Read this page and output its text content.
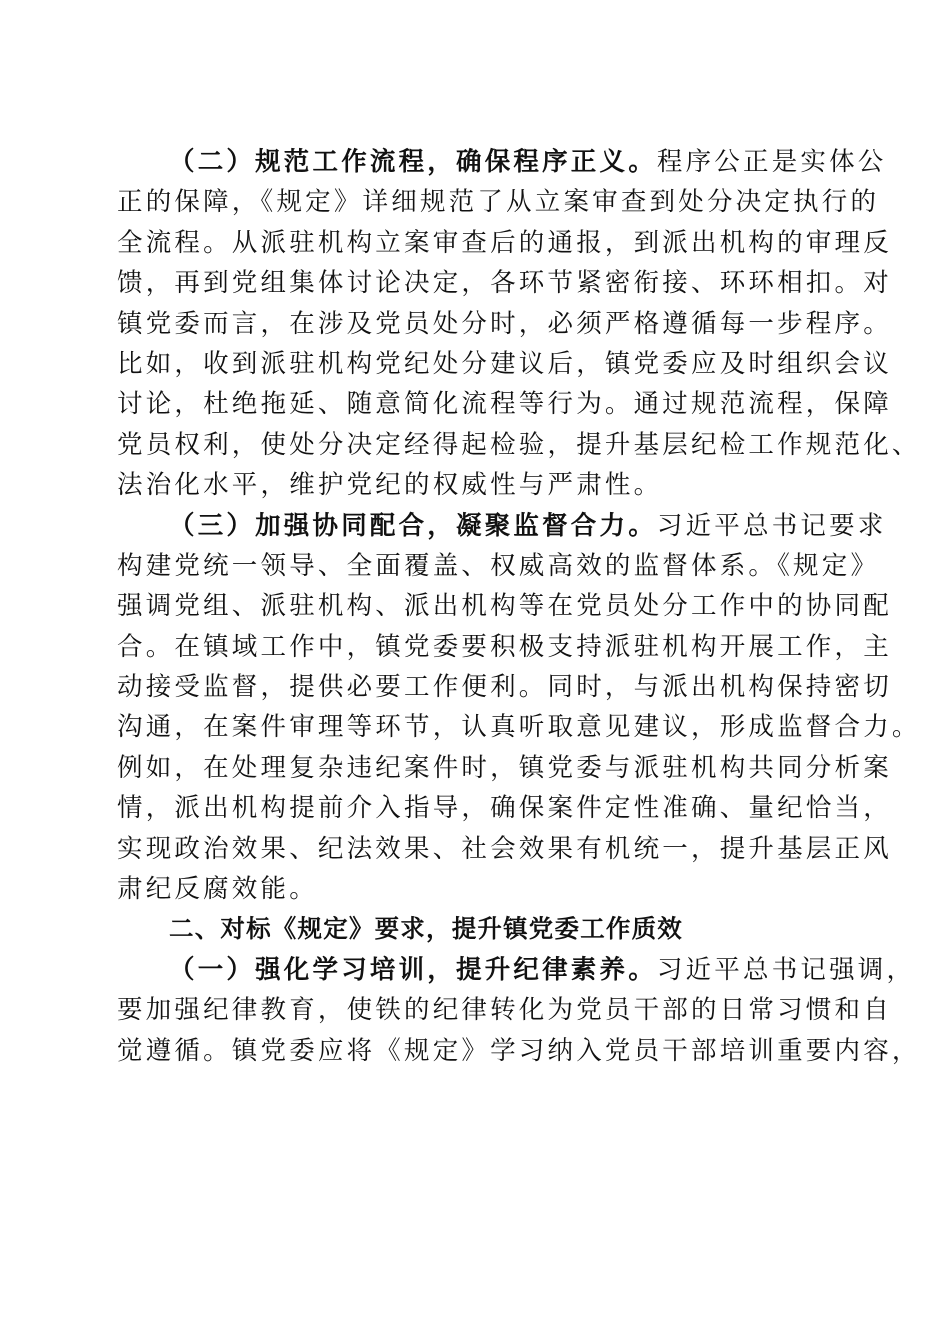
（二）规范工作流程，确保程序正义。程序公正是实体公
正的保障，《规定》详细规范了从立案审查到处分决定执行的
全流程。从派驻机构立案审查后的通报，到派出机构的审理反
馈，再到党组集体讨论决定，各环节紧密衔接、环环相扣。对
镇党委而言，在涉及党员处分时，必须严格遵循每一步程序。
比如，收到派驻机构党纪处分建议后，镇党委应及时组织会议
讨论，杜绝拖延、随意简化流程等行为。通过规范流程，保障
党员权利，使处分决定经得起检验，提升基层纪检工作规范化、
法治化水平，维护党纪的权威性与严肃性。
（三）加强协同配合，凝聚监督合力。习近平总书记要求
构建党统一领导、全面覆盖、权威高效的监督体系。《规定》
强调党组、派驻机构、派出机构等在党员处分工作中的协同配
合。在镇域工作中，镇党委要积极支持派驻机构开展工作，主
动接受监督，提供必要工作便利。同时，与派出机构保持密切
沟通，在案件审理等环节，认真听取意见建议，形成监督合力。
例如，在处理复杂违纪案件时，镇党委与派驻机构共同分析案
情，派出机构提前介入指导，确保案件定性准确、量纪恰当，
实现政治效果、纪法效果、社会效果有机统一，提升基层正风
肃纪反腐效能。
二、对标《规定》要求，提升镇党委工作质效
（一）强化学习培训，提升纪律素养。习近平总书记强调，
要加强纪律教育，使铁的纪律转化为党员干部的日常习惯和自
觉遵循。镇党委应将《规定》学习纳入党员干部培训重要内容，
